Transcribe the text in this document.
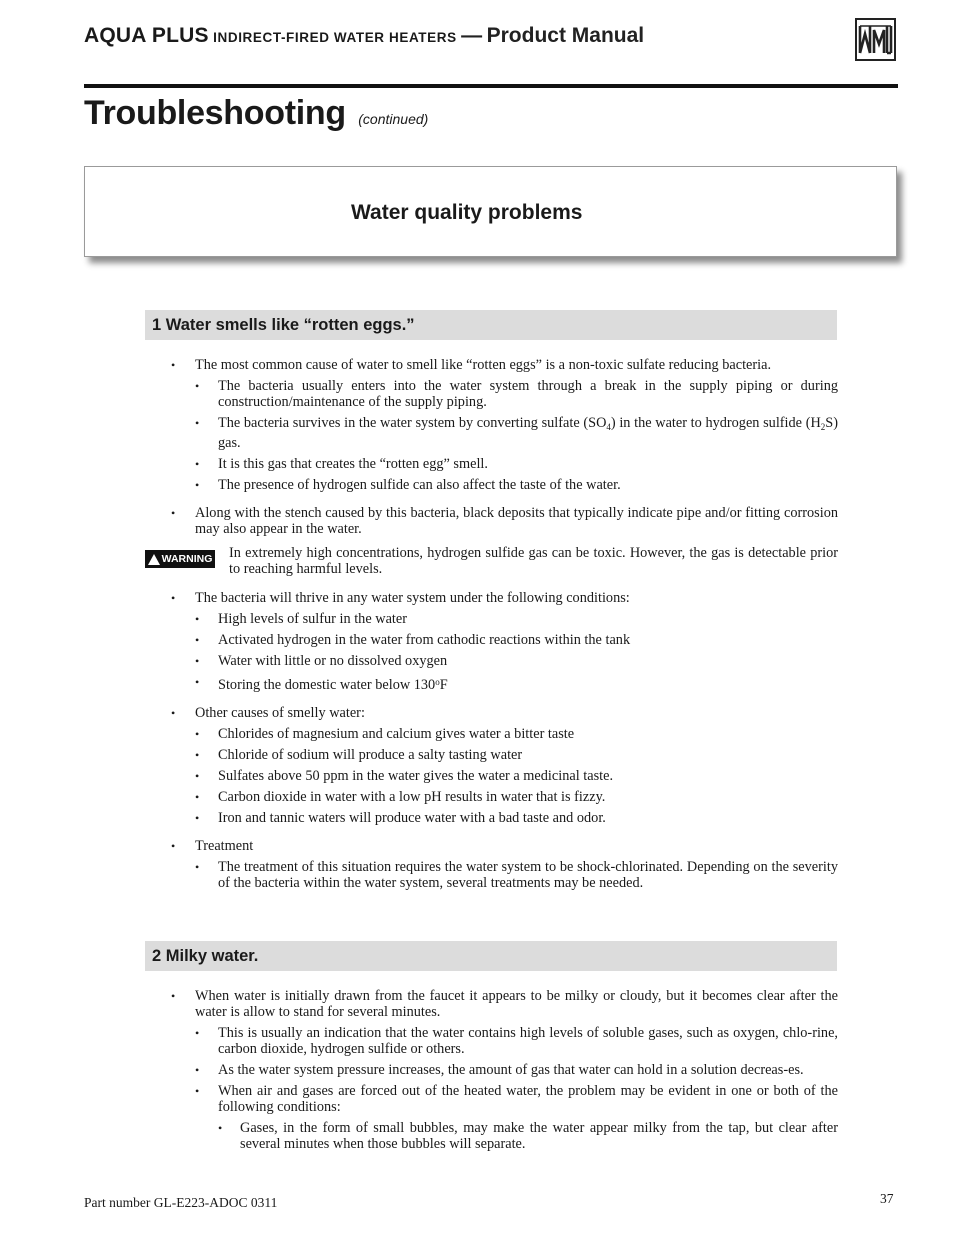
AQUA PLUS INDIRECT-FIRED WATER HEATERS — Product Manual
Troubleshooting (continued)
Water quality problems
1 Water smells like “rotten eggs.”
• The most common cause of water to smell like “rotten eggs” is a non-toxic sulfate reducing bacteria.
• The bacteria usually enters into the water system through a break in the supply piping or during construction/maintenance of the supply piping.
• The bacteria survives in the water system by converting sulfate $(SO_4)$ in the water to hydrogen sulfide $(H_2S)$ gas.
• It is this gas that creates the “rotten egg” smell.
• The presence of hydrogen sulfide can also affect the taste of the water.
• Along with the stench caused by this bacteria, black deposits that typically indicate pipe and/or fitting corrosion may also appear in the water.
WARNING In extremely high concentrations, hydrogen sulfide gas can be toxic. However, the gas is detectable prior to reaching harmful levels.
• The bacteria will thrive in any water system under the following conditions:
• High levels of sulfur in the water
• Activated hydrogen in the water from cathodic reactions within the tank
• Water with little or no dissolved oxygen
• Storing the domestic water below 130$^o$F
• Other causes of smelly water:
• Chlorides of magnesium and calcium gives water a bitter taste
• Chloride of sodium will produce a salty tasting water
• Sulfates above 50 ppm in the water gives the water a medicinal taste.
• Carbon dioxide in water with a low pH results in water that is fizzy.
• Iron and tannic waters will produce water with a bad taste and odor.
• Treatment
• The treatment of this situation requires the water system to be shock-chlorinated. Depending on the severity of the bacteria within the water system, several treatments may be needed.
2 Milky water.
• When water is initially drawn from the faucet it appears to be milky or cloudy, but it becomes clear after the water is allow to stand for several minutes.
• This is usually an indication that the water contains high levels of soluble gases, such as oxygen, chlo-rine, carbon dioxide, hydrogen sulfide or others.
• As the water system pressure increases, the amount of gas that water can hold in a solution decreas-es.
• When air and gases are forced out of the heated water, the problem may be evident in one or both of the following conditions:
• Gases, in the form of small bubbles, may make the water appear milky from the tap, but clear after several minutes when those bubbles will separate.
Part number GL-E223-ADOC 0311	37
